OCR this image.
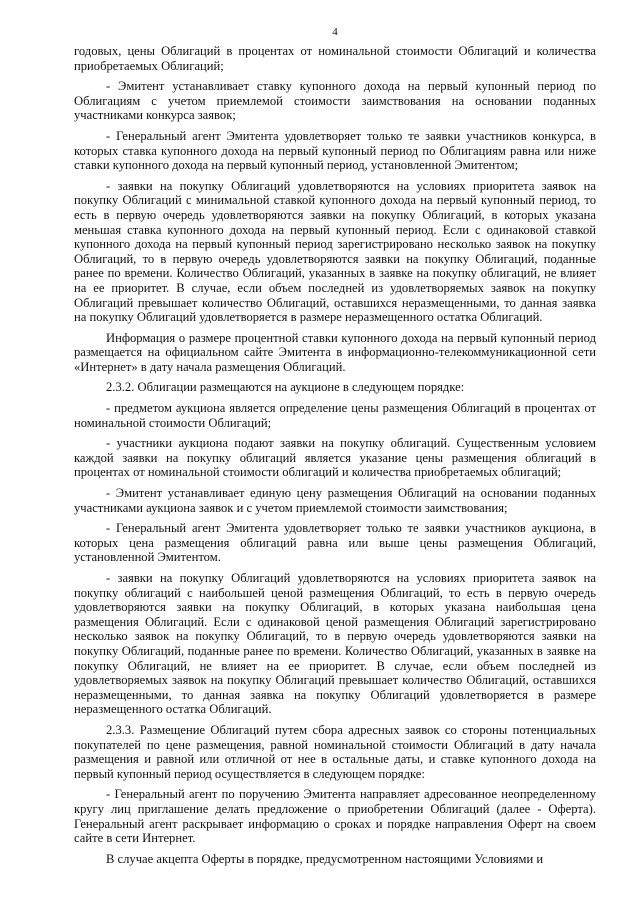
4

годовых, цены Облигаций в процентах от номинальной стоимости Облигаций и количества приобретаемых Облигаций;

- Эмитент устанавливает ставку купонного дохода на первый купонный период по Облигациям с учетом приемлемой стоимости заимствования на основании поданных участниками конкурса заявок;

- Генеральный агент Эмитента удовлетворяет только те заявки участников конкурса, в которых ставка купонного дохода на первый купонный период по Облигациям равна или ниже ставки купонного дохода на первый купонный период, установленной Эмитентом;

- заявки на покупку Облигаций удовлетворяются на условиях приоритета заявок на покупку Облигаций с минимальной ставкой купонного дохода на первый купонный период, то есть в первую очередь удовлетворяются заявки на покупку Облигаций, в которых указана меньшая ставка купонного дохода на первый купонный период. Если с одинаковой ставкой купонного дохода на первый купонный период зарегистрировано несколько заявок на покупку Облигаций, то в первую очередь удовлетворяются заявки на покупку Облигаций, поданные ранее по времени. Количество Облигаций, указанных в заявке на покупку облигаций, не влияет на ее приоритет. В случае, если объем последней из удовлетворяемых заявок на покупку Облигаций превышает количество Облигаций, оставшихся неразмещенными, то данная заявка на покупку Облигаций удовлетворяется в размере неразмещенного остатка Облигаций.

Информация о размере процентной ставки купонного дохода на первый купонный период размещается на официальном сайте Эмитента в информационно-телекоммуникационной сети «Интернет» в дату начала размещения Облигаций.

2.3.2. Облигации размещаются на аукционе в следующем порядке:

- предметом аукциона является определение цены размещения Облигаций в процентах от номинальной стоимости Облигаций;

- участники аукциона подают заявки на покупку облигаций. Существенным условием каждой заявки на покупку облигаций является указание цены размещения облигаций в процентах от номинальной стоимости облигаций и количества приобретаемых облигаций;

- Эмитент устанавливает единую цену размещения Облигаций на основании поданных участниками аукциона заявок и с учетом приемлемой стоимости заимствования;

- Генеральный агент Эмитента удовлетворяет только те заявки участников аукциона, в которых цена размещения облигаций равна или выше цены размещения Облигаций, установленной Эмитентом.

- заявки на покупку Облигаций удовлетворяются на условиях приоритета заявок на покупку облигаций с наибольшей ценой размещения Облигаций, то есть в первую очередь удовлетворяются заявки на покупку Облигаций, в которых указана наибольшая цена размещения Облигаций. Если с одинаковой ценой размещения Облигаций зарегистрировано несколько заявок на покупку Облигаций, то в первую очередь удовлетворяются заявки на покупку Облигаций, поданные ранее по времени. Количество Облигаций, указанных в заявке на покупку Облигаций, не влияет на ее приоритет. В случае, если объем последней из удовлетворяемых заявок на покупку Облигаций превышает количество Облигаций, оставшихся неразмещенными, то данная заявка на покупку Облигаций удовлетворяется в размере неразмещенного остатка Облигаций.

2.3.3. Размещение Облигаций путем сбора адресных заявок со стороны потенциальных покупателей по цене размещения, равной номинальной стоимости Облигаций в дату начала размещения и равной или отличной от нее в остальные даты, и ставке купонного дохода на первый купонный период осуществляется в следующем порядке:

- Генеральный агент по поручению Эмитента направляет адресованное неопределенному кругу лиц приглашение делать предложение о приобретении Облигаций (далее - Оферта). Генеральный агент раскрывает информацию о сроках и порядке направления Оферт на своем сайте в сети Интернет.

В случае акцепта Оферты в порядке, предусмотренном настоящими Условиями и
